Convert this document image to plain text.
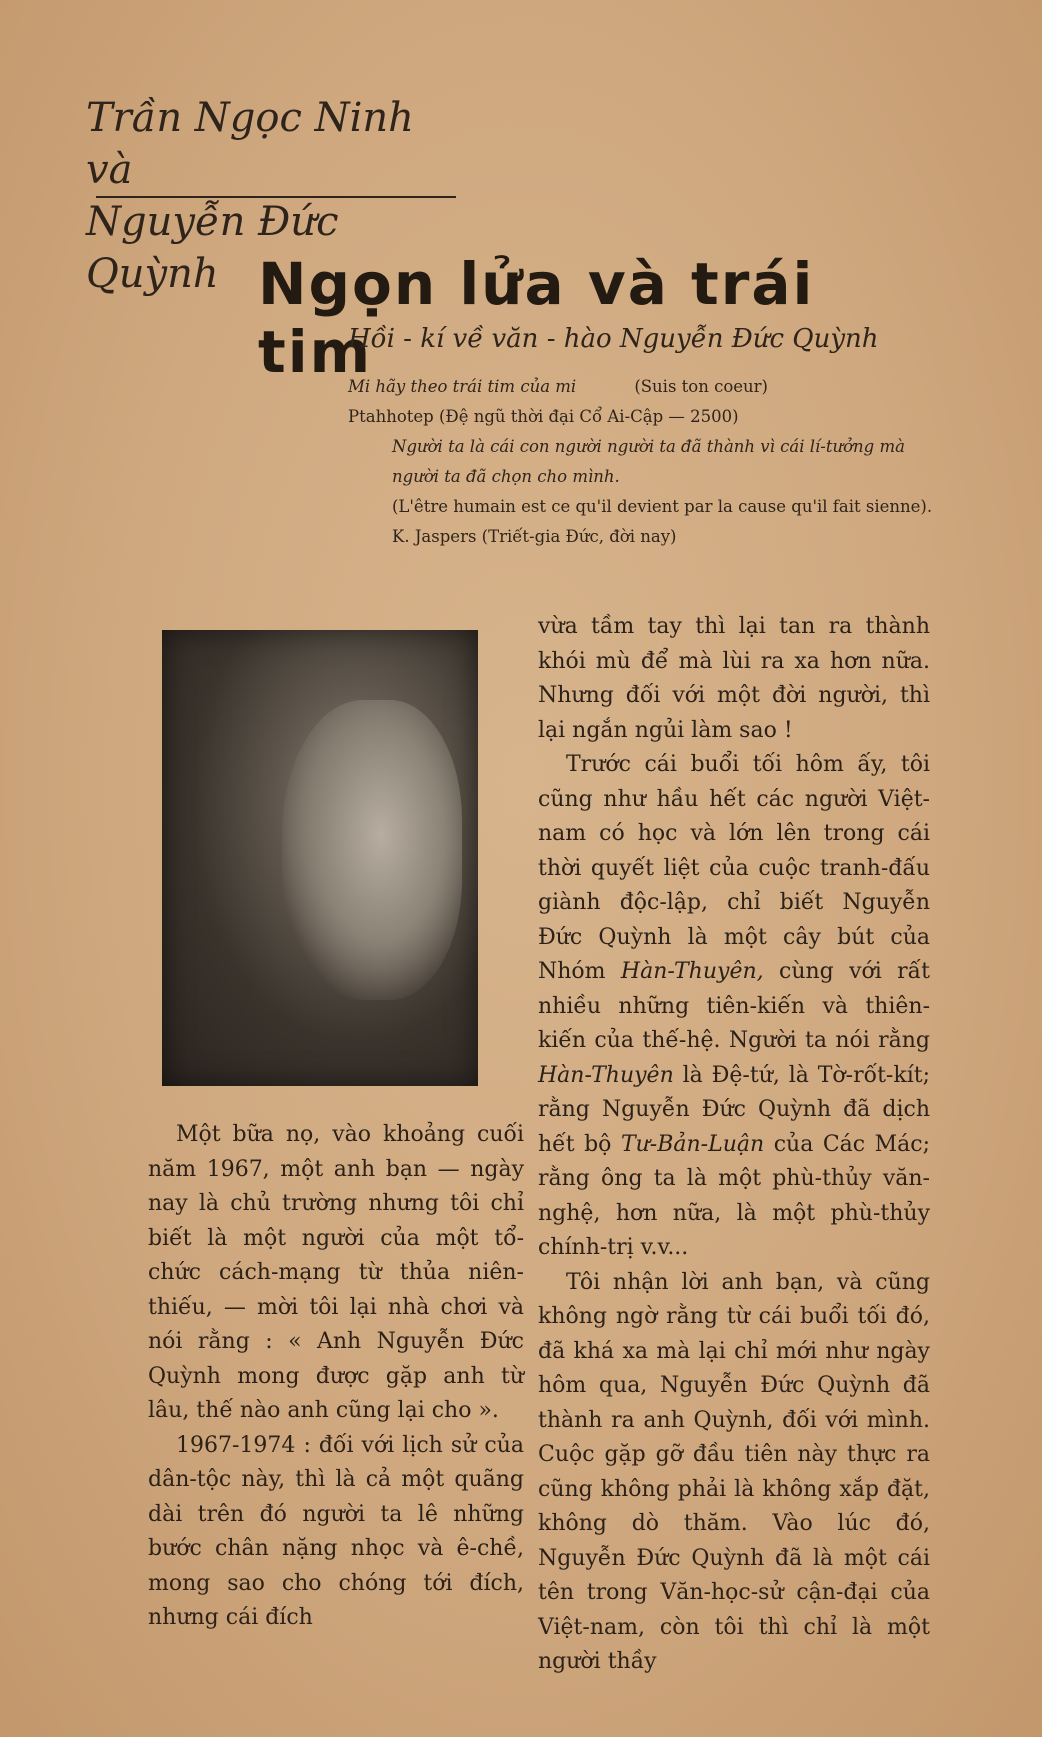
Trần Ngọc Ninh và
Nguyễn Đức Quỳnh Ngọn lửa và trái tim
Hồi - kí về văn - hào Nguyễn Đức Quỳnh
Mi hãy theo trái tim của mi	(Suis ton coeur)
Ptahhotep (Đệ ngũ thời đại Cổ Ai-Cập — 2500)
Người ta là cái con người người ta đã thành vì cái lí-tưởng mà người ta đã chọn cho mình.
(L'être humain est ce qu'il devient par la cause qu'il fait sienne).
K. Jaspers (Triết-gia Đức, đời nay)

Một bữa nọ, vào khoảng cuối năm 1967, một anh bạn — ngày nay là chủ trường nhưng tôi chỉ biết là một người của một tổ-chức cách-mạng từ thủa niên-thiếu, — mời tôi lại nhà chơi và nói rằng : « Anh Nguyễn Đức Quỳnh mong được gặp anh từ lâu, thế nào anh cũng lại cho ».

1967-1974 : đối với lịch sử của dân-tộc này, thì là cả một quãng dài trên đó người ta lê những bước chân nặng nhọc và ê-chề, mong sao cho chóng tới đích, nhưng cái đích

vừa tầm tay thì lại tan ra thành khói mù để mà lùi ra xa hơn nữa. Nhưng đối với một đời người, thì lại ngắn ngủi làm sao !

Trước cái buổi tối hôm ấy, tôi cũng như hầu hết các người Việt-nam có học và lớn lên trong cái thời quyết liệt của cuộc tranh-đấu giành độc-lập, chỉ biết Nguyễn Đức Quỳnh là một cây bút của Nhóm Hàn-Thuyên, cùng với rất nhiều những tiên-kiến và thiên-kiến của thế-hệ. Người ta nói rằng Hàn-Thuyên là Đệ-tứ, là Tờ-rốt-kít; rằng Nguyễn Đức Quỳnh đã dịch hết bộ Tư-Bản-Luận của Các Mác; rằng ông ta là một phù-thủy văn-nghệ, hơn nữa, là một phù-thủy chính-trị v.v...

Tôi nhận lời anh bạn, và cũng không ngờ rằng từ cái buổi tối đó, đã khá xa mà lại chỉ mới như ngày hôm qua, Nguyễn Đức Quỳnh đã thành ra anh Quỳnh, đối với mình. Cuộc gặp gỡ đầu tiên này thực ra cũng không phải là không xắp đặt, không dò thăm. Vào lúc đó, Nguyễn Đức Quỳnh đã là một cái tên trong Văn-học-sử cận-đại của Việt-nam, còn tôi thì chỉ là một người thầy
